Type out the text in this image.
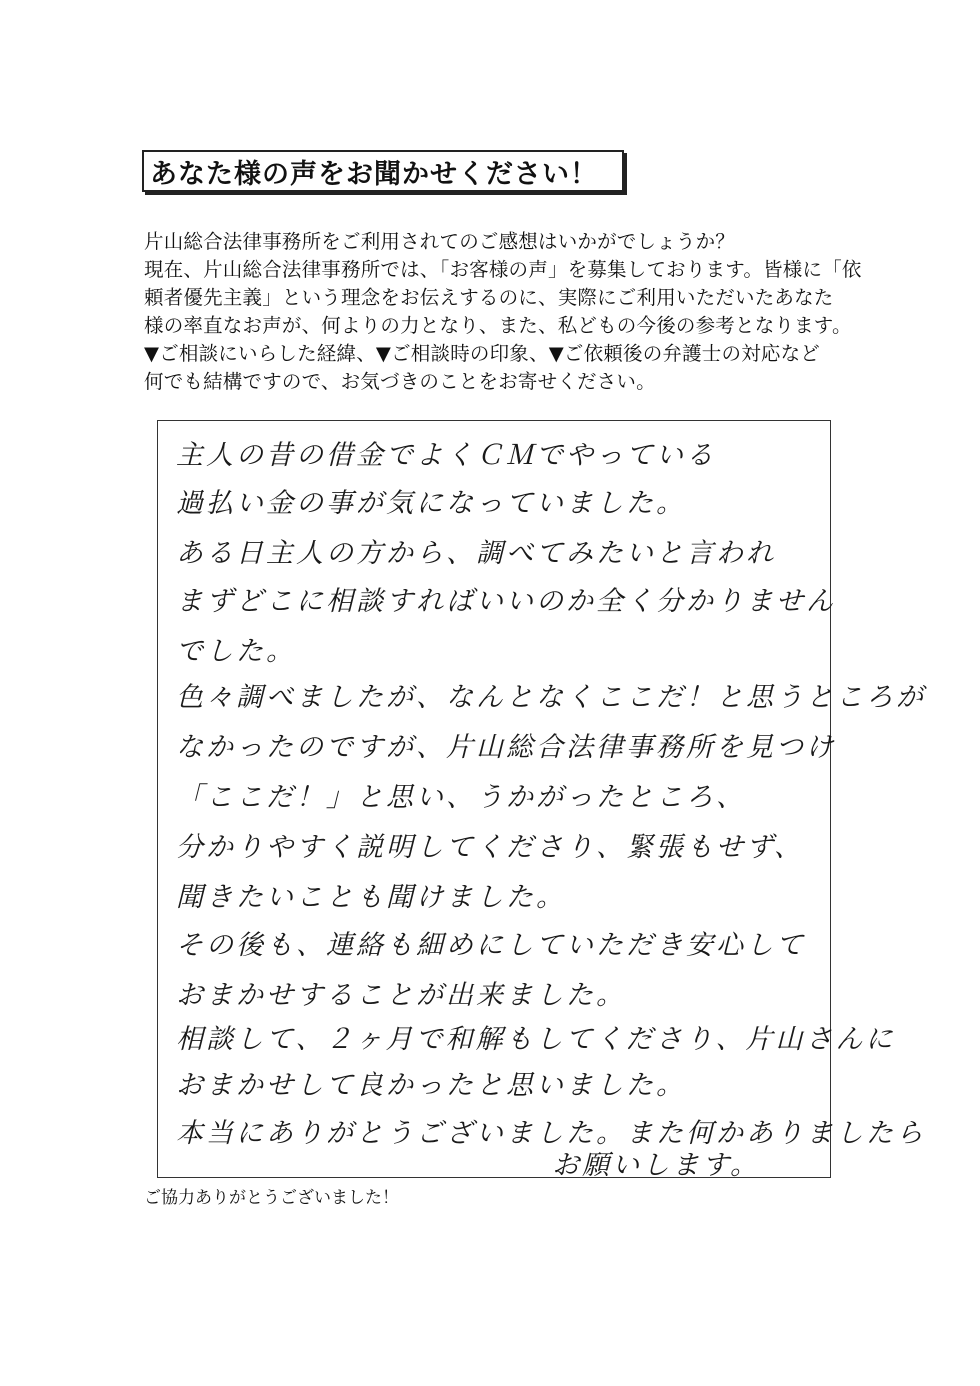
あなた様の声をお聞かせください！
片山総合法律事務所をご利用されてのご感想はいかがでしょうか？
現在、片山総合法律事務所では、「お客様の声」を募集しております。皆様に「依
頼者優先主義」という理念をお伝えするのに、実際にご利用いただいたあなた
様の率直なお声が、何よりの力となり、また、私どもの今後の参考となります。
▼ご相談にいらした経緯、▼ご相談時の印象、▼ご依頼後の弁護士の対応など
何でも結構ですので、お気づきのことをお寄せください。
主人の昔の借金でよくＣＭでやっている
過払い金の事が気になっていました。
ある日主人の方から、調べてみたいと言われ
まずどこに相談すればいいのか全く分かりません
でした。
色々調べましたが、なんとなくここだ！と思うところが
なかったのですが、片山総合法律事務所を見つけ
「ここだ！」と思い、うかがったところ、
分かりやすく説明してくださり、緊張もせず、
聞きたいことも聞けました。
その後も、連絡も細めにしていただき安心して
おまかせすることが出来ました。
相談して、２ヶ月で和解もしてくださり、片山さんに
おまかせして良かったと思いました。
本当にありがとうございました。また何かありましたら
お願いします。
ご協力ありがとうございました！
